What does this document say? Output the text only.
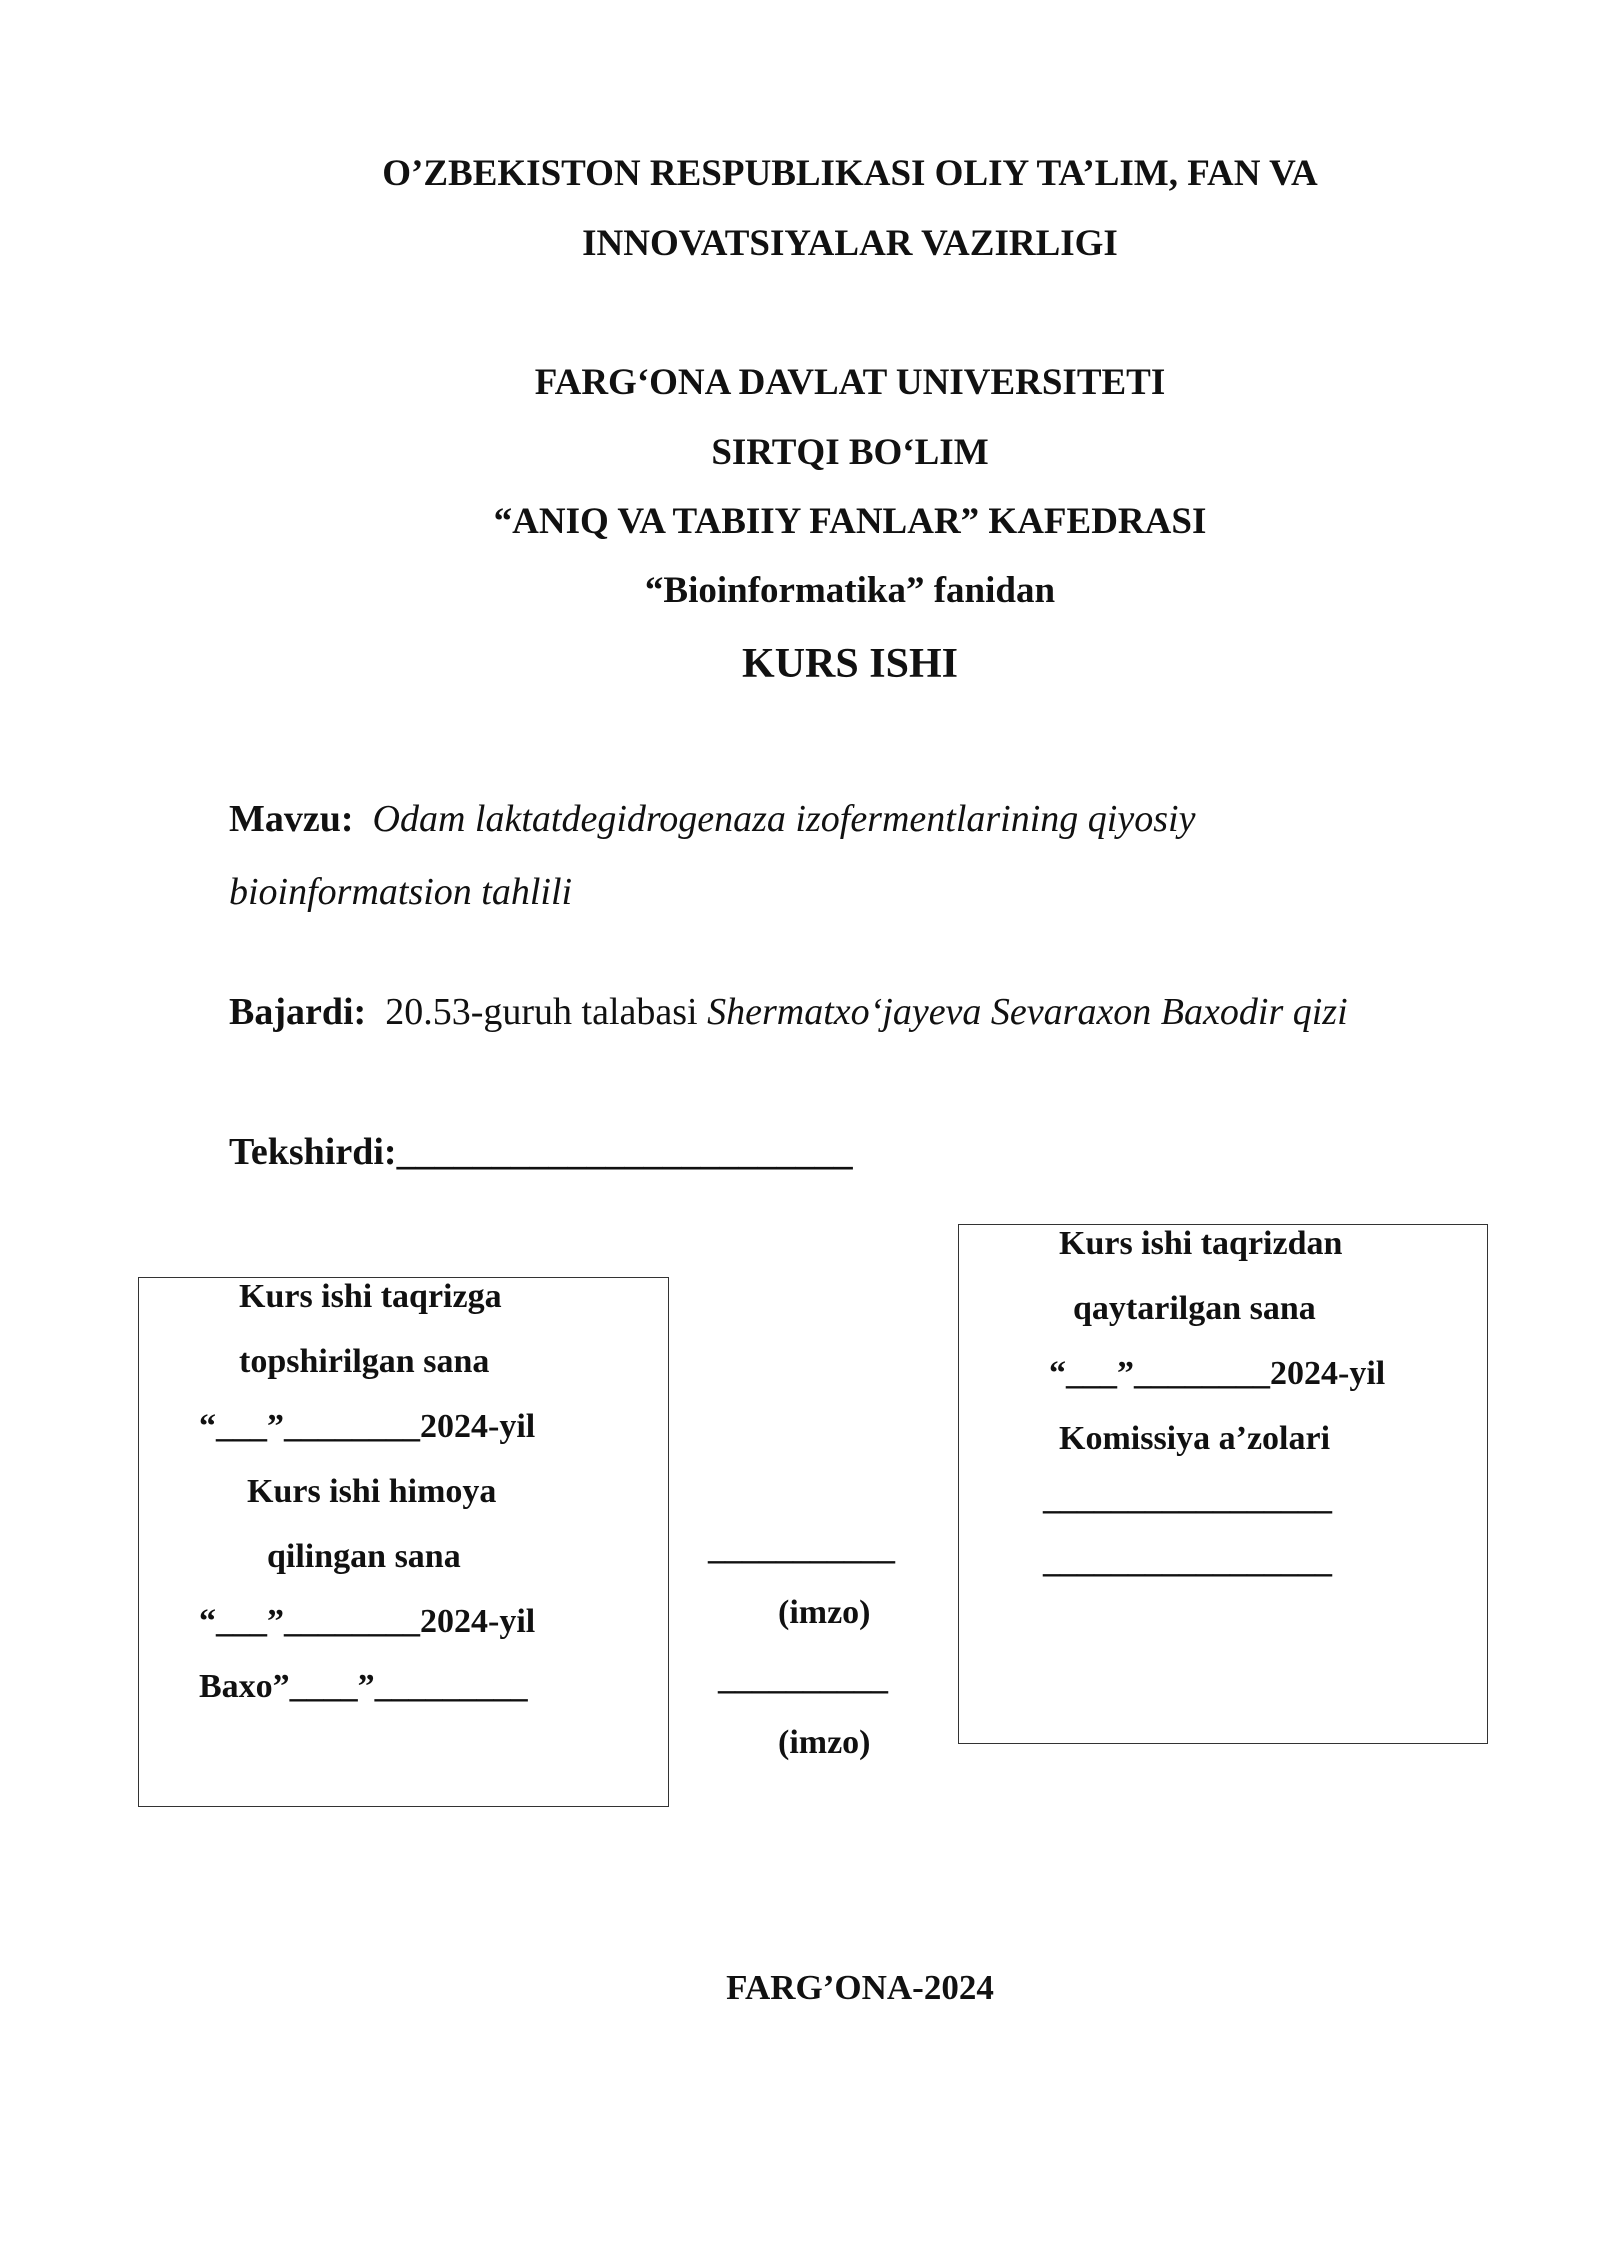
O’ZBEKISTON RESPUBLIKASI OLIY TA’LIM, FAN VA
INNOVATSIYALAR VAZIRLIGI
FARG‘ONA DAVLAT UNIVERSITETI
SIRTQI BO‘LIM
“ANIQ VA TABIIY FANLAR” KAFEDRASI
“Bioinformatika” fanidan
KURS ISHI
Mavzu: Odam laktatdegidrogenaza izofermentlarining qiyosiy
bioinformatsion tahlili
Bajardi: 20.53-guruh talabasi Shermatxo‘jayeva Sevaraxon Baxodir qizi
Tekshirdi:________________________
Kurs ishi taqrizga
topshirilgan sana
“___”________2024-yil
Kurs ishi himoya
qilingan sana
“___”________2024-yil
Baxo”____”_________
___________
(imzo)
__________
(imzo)
Kurs ishi taqrizdan
qaytarilgan sana
“___”________2024-yil
Komissiya a’zolari
_________________
_________________
FARG’ONA-2024
